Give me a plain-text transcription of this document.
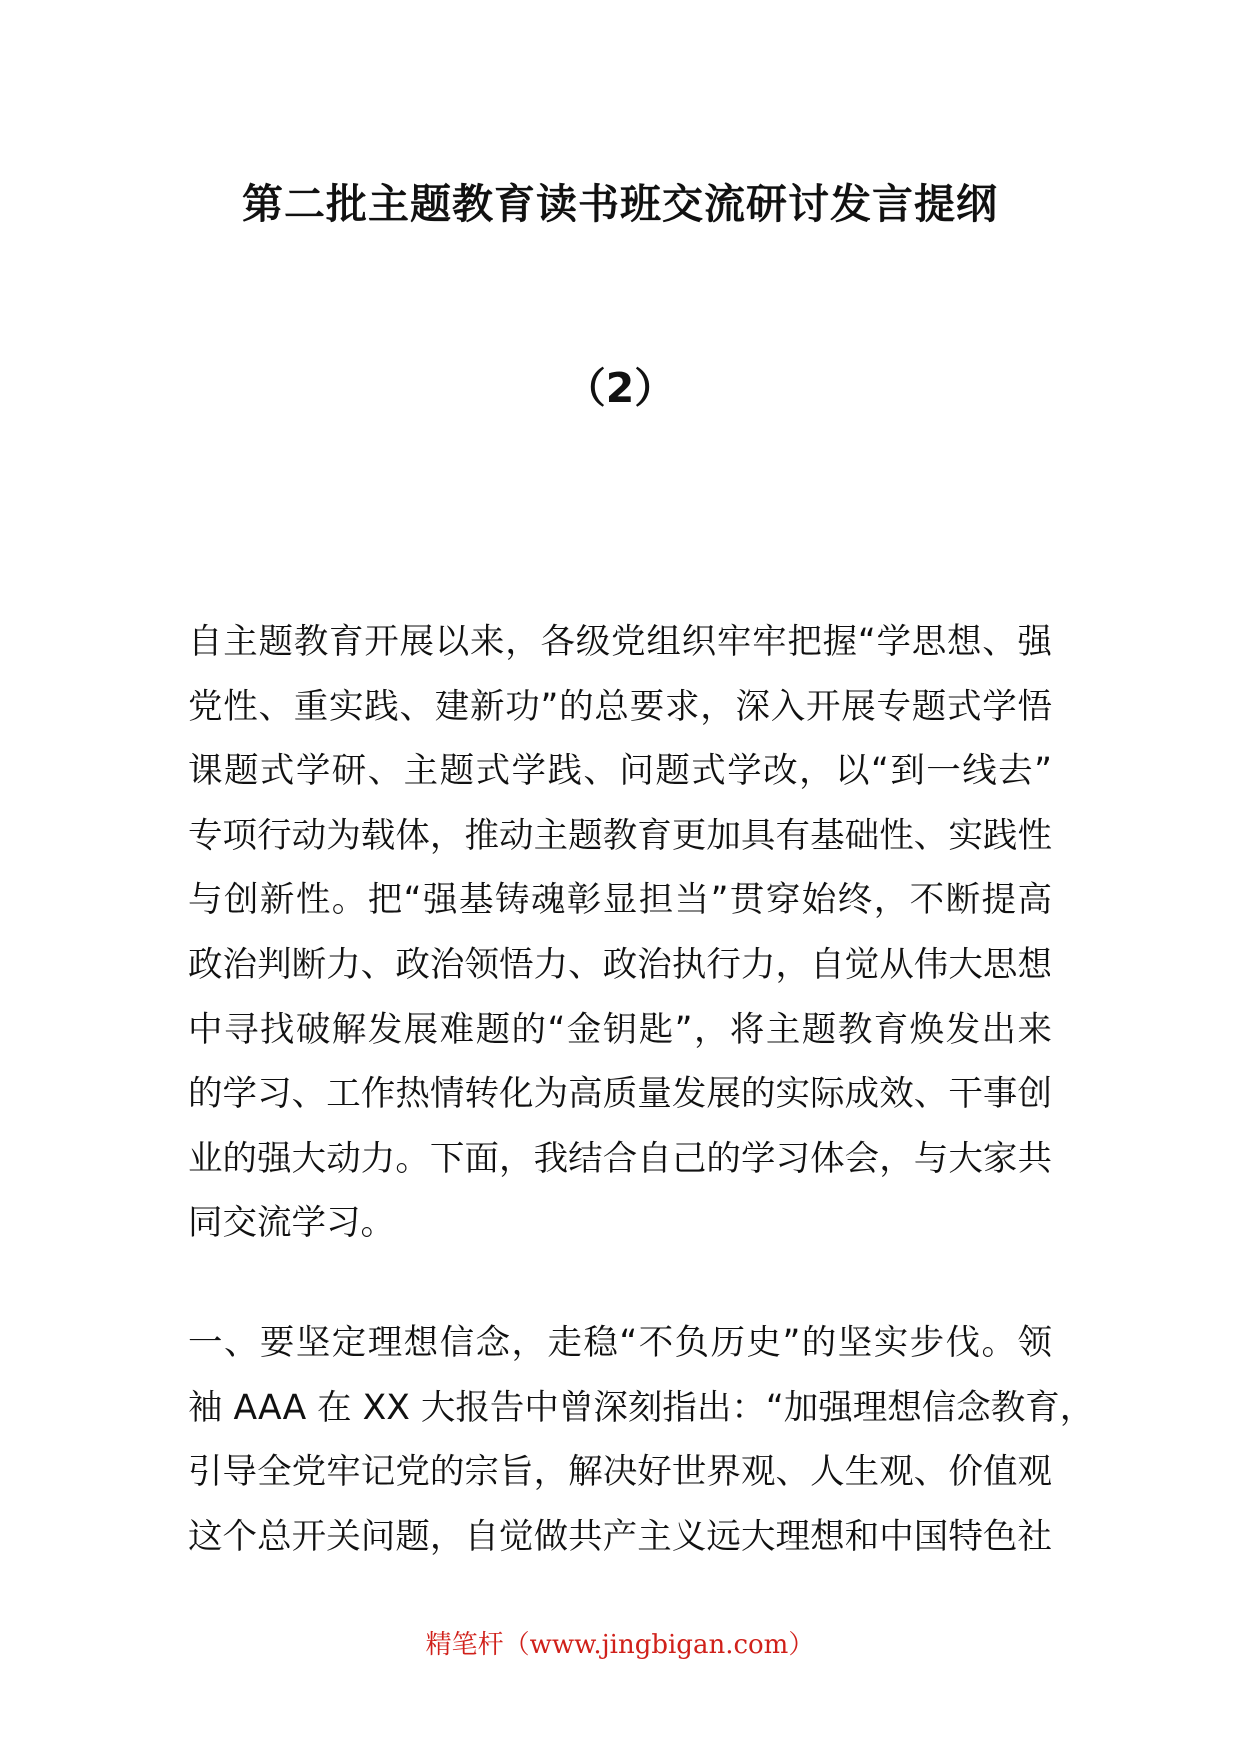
第二批主题教育读书班交流研讨发言提纲
（2）
自主题教育开展以来，各级党组织牢牢把握“学思想、强
党性、重实践、建新功”的总要求，深入开展专题式学悟
课题式学研、主题式学践、问题式学改，以“到一线去”
专项行动为载体，推动主题教育更加具有基础性、实践性
与创新性。把“强基铸魂彰显担当”贯穿始终，不断提高
政治判断力、政治领悟力、政治执行力，自觉从伟大思想
中寻找破解发展难题的“金钥匙”，将主题教育焕发出来
的学习、工作热情转化为高质量发展的实际成效、干事创
业的强大动力。下面，我结合自己的学习体会，与大家共
同交流学习。
一、要坚定理想信念，走稳“不负历史”的坚实步伐。领
袖 AAA 在 XX 大报告中曾深刻指出：“加强理想信念教育，
引导全党牢记党的宗旨，解决好世界观、人生观、价值观
这个总开关问题，自觉做共产主义远大理想和中国特色社
精笔杆（www.jingbigan.com）
